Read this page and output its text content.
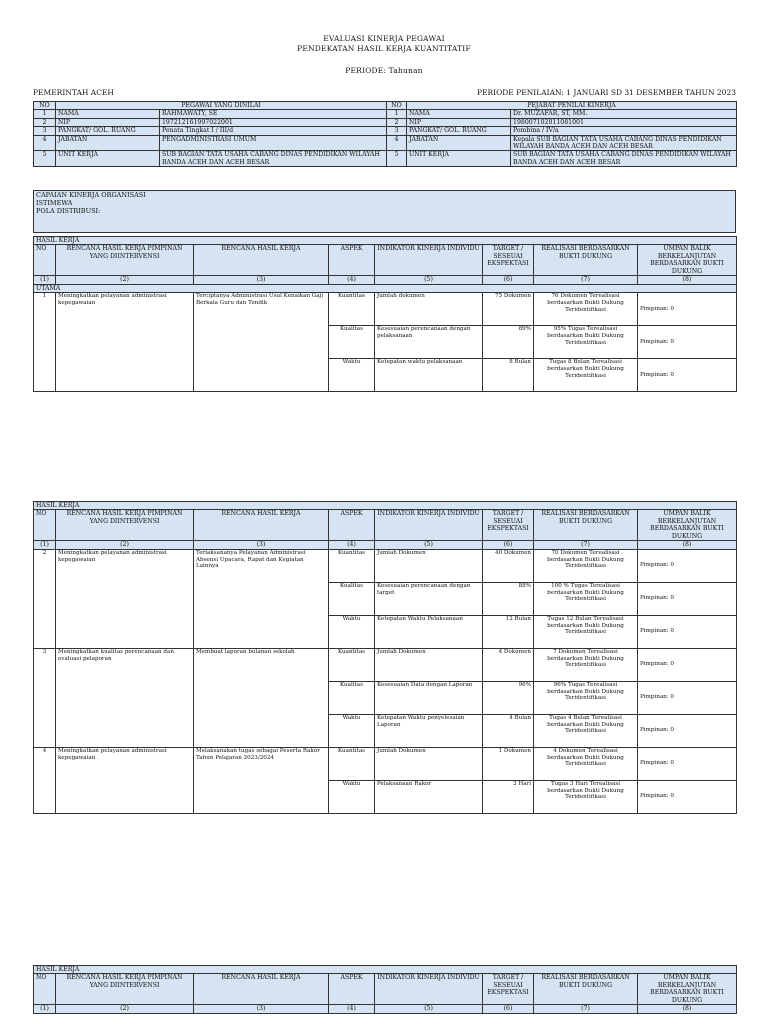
EVALUASI KINERJA PEGAWAI
PENDEKATAN HASIL KERJA KUANTITATIF
PERIODE: Tahunan
PEMERINTAH ACEH	PERIODE PENILAIAN: 1 JANUARI SD 31 DESEMBER TAHUN 2023
NO	PEGAWAI YANG DINILAI		NO	PEJABAT PENILAI KINERJA	
1	NAMA	RAHMAWATY, SE	1	NAMA	Dr. MUZAFAR, ST, MM.
2	NIP	197212161997022001	2	NIP	198007102011081001
3	PANGKAT/ GOL. RUANG	Penata Tingkat I / III/d	3	PANGKAT/ GOL. RUANG	Pembina / IV/a
4	JABATAN	PENGADMINISTRASI UMUM	4	JABATAN	Kepala SUB BAGIAN TATA USAHA CABANG DINAS PENDIDIKAN WILAYAH BANDA ACEH DAN ACEH BESAR
5	UNIT KERJA	SUB BAGIAN TATA USAHA CABANG DINAS PENDIDIKAN WILAYAH BANDA ACEH DAN ACEH BESAR	5	UNIT KERJA	SUB BAGIAN TATA USAHA CABANG DINAS PENDIDIKAN WILAYAH BANDA ACEH DAN ACEH BESAR
CAPAIAN KINERJA ORGANISASI
ISTIMEWA
POLA DISTRIBUSI:
HASIL KERJA							
NO	RENCANA HASIL KERJA PIMPINAN YANG DIINTERVENSI	RENCANA HASIL KERJA	ASPEK	INDIKATOR KINERJA INDIVIDU	TARGET / SESEUAI EKSPEKTASI	REALISASI BERDASARKAN BUKTI DUKUNG	UMPAN BALIK BERKELANJUTAN BERDASARKAN BUKTI DUKUNG
(1)	(2)	(3)	(4)	(5)	(6)	(7)	(8)
UTAMA							
1	Meningkatkan pelayanan administrasi kepegawaian	Terciptanya Administrasi Usul Kenaikan Gaji Berkala Guru dan Tendik	Kuantitas	Jumlah dokumen	75 Dokumen	76 Dokumen Terealisasi berdasarkan Bukti Dukung Teridentifikasi	Pimpinan: 0
			Kualitas	Kesesuaian perencanaan dengan pelaksanaan	89%	95% Tugas Terealisasi berdasarkan Bukti Dukung Teridentifikasi	Pimpinan: 0
			Waktu	Ketepatan waktu pelaksanaan	8 Bulan	Tugas 8 Bulan Terealisasi berdasarkan Bukti Dukung Teridentifikasi	Pimpinan: 0
HASIL KERJA							
NO	RENCANA HASIL KERJA PIMPINAN YANG DIINTERVENSI	RENCANA HASIL KERJA	ASPEK	INDIKATOR KINERJA INDIVIDU	TARGET / SESEUAI EKSPEKTASI	REALISASI BERDASARKAN BUKTI DUKUNG	UMPAN BALIK BERKELANJUTAN BERDASARKAN BUKTI DUKUNG
(1)	(2)	(3)	(4)	(5)	(6)	(7)	(8)
2	Meningkatkan pelayanan administrasi kepegawaian	Terlaksananya Pelayanan Administrasi Absensi Upacara, Rapat dan Kegiatan Lainnya	Kuantitas	Jumlah Dokumen	40 Dokumen	70 Dokumen Terealisasi berdasarkan Bukti Dukung Teridentifikasi	Pimpinan: 0
			Kualitas	Kesesuaian perencanaan dengan target	88%	100 % Tugas Terealisasi berdasarkan Bukti Dukung Teridentifikasi	Pimpinan: 0
			Waktu	Ketepatan Waktu Pelaksanaan	12 Bulan	Tugas 12 Bulan Terealisasi berdasarkan Bukti Dukung Teridentifikasi	Pimpinan: 0
3	Meningkatkan kualitas perencanaan dan evaluasi pelaporan	Membuat laporan bulanan sekolah	Kuantitas	Jumlah Dokumen	4 Dokumen	7 Dokumen Terealisasi berdasarkan Bukti Dukung Teridentifikasi	Pimpinan: 0
			Kualitas	Kesesuaian Data dengan Laporan	96%	96% Tugas Terealisasi berdasarkan Bukti Dukung Teridentifikasi	Pimpinan: 0
			Waktu	Ketepatan Waktu penyelesaian Laporan	4 Bulan	Tugas 4 Bulan Terealisasi berdasarkan Bukti Dukung Teridentifikasi	Pimpinan: 0
4	Meningkatkan pelayanan administrasi kepegawaian	Melaksanakan tugas sebagai Peserta Rakor Tahun Pelajaran 2023/2024	Kuantitas	Jumlah Dokumen	1 Dokumen	4 Dokumen Terealisasi berdasarkan Bukti Dukung Teridentifikasi	Pimpinan: 0
			Waktu	Pelaksanaan Rakor	3 Hari	Tugas 3 Hari Terealisasi berdasarkan Bukti Dukung Teridentifikasi	Pimpinan: 0
HASIL KERJA							
NO	RENCANA HASIL KERJA PIMPINAN YANG DIINTERVENSI	RENCANA HASIL KERJA	ASPEK	INDIKATOR KINERJA INDIVIDU	TARGET / SESEUAI EKSPEKTASI	REALISASI BERDASARKAN BUKTI DUKUNG	UMPAN BALIK BERKELANJUTAN BERDASARKAN BUKTI DUKUNG
(1)	(2)	(3)	(4)	(5)	(6)	(7)	(8)
